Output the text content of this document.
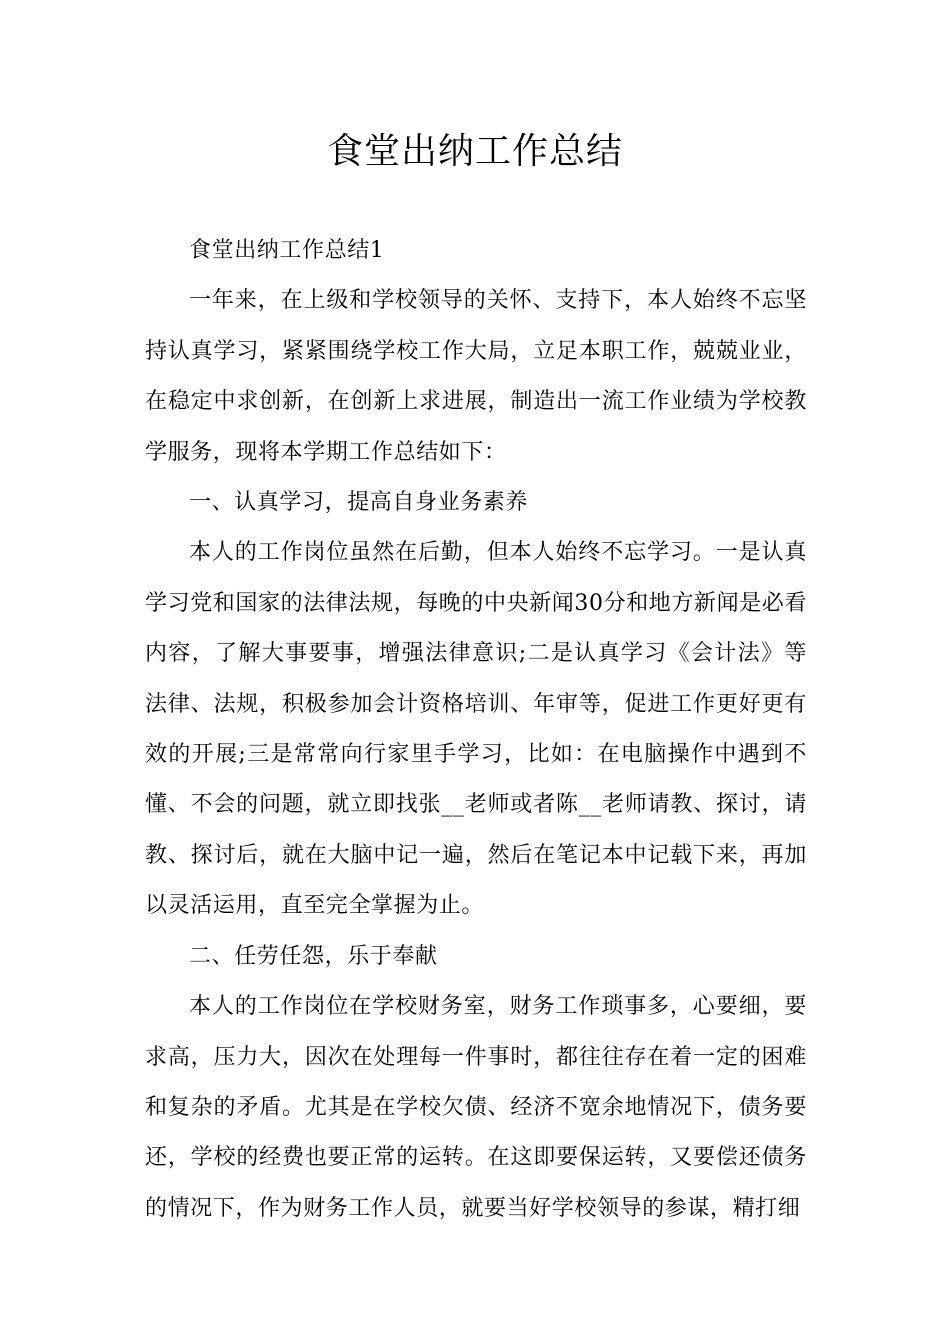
食堂出纳工作总结

食堂出纳工作总结1

一年来，在上级和学校领导的关怀、支持下，本人始终不忘坚持认真学习，紧紧围绕学校工作大局，立足本职工作，兢兢业业，在稳定中求创新，在创新上求进展，制造出一流工作业绩为学校教学服务，现将本学期工作总结如下：

一、认真学习，提高自身业务素养

本人的工作岗位虽然在后勤，但本人始终不忘学习。一是认真学习党和国家的法律法规，每晚的中央新闻30分和地方新闻是必看内容，了解大事要事，增强法律意识;二是认真学习《会计法》等法律、法规，积极参加会计资格培训、年审等，促进工作更好更有效的开展;三是常常向行家里手学习，比如：在电脑操作中遇到不懂、不会的问题，就立即找张__老师或者陈__老师请教、探讨，请教、探讨后，就在大脑中记一遍，然后在笔记本中记载下来，再加以灵活运用，直至完全掌握为止。

二、任劳任怨，乐于奉献

本人的工作岗位在学校财务室，财务工作琐事多，心要细，要求高，压力大，因次在处理每一件事时，都往往存在着一定的困难和复杂的矛盾。尤其是在学校欠债、经济不宽余地情况下，债务要还，学校的经费也要正常的运转。在这即要保运转，又要偿还债务的情况下，作为财务工作人员，就要当好学校领导的参谋，精打细
